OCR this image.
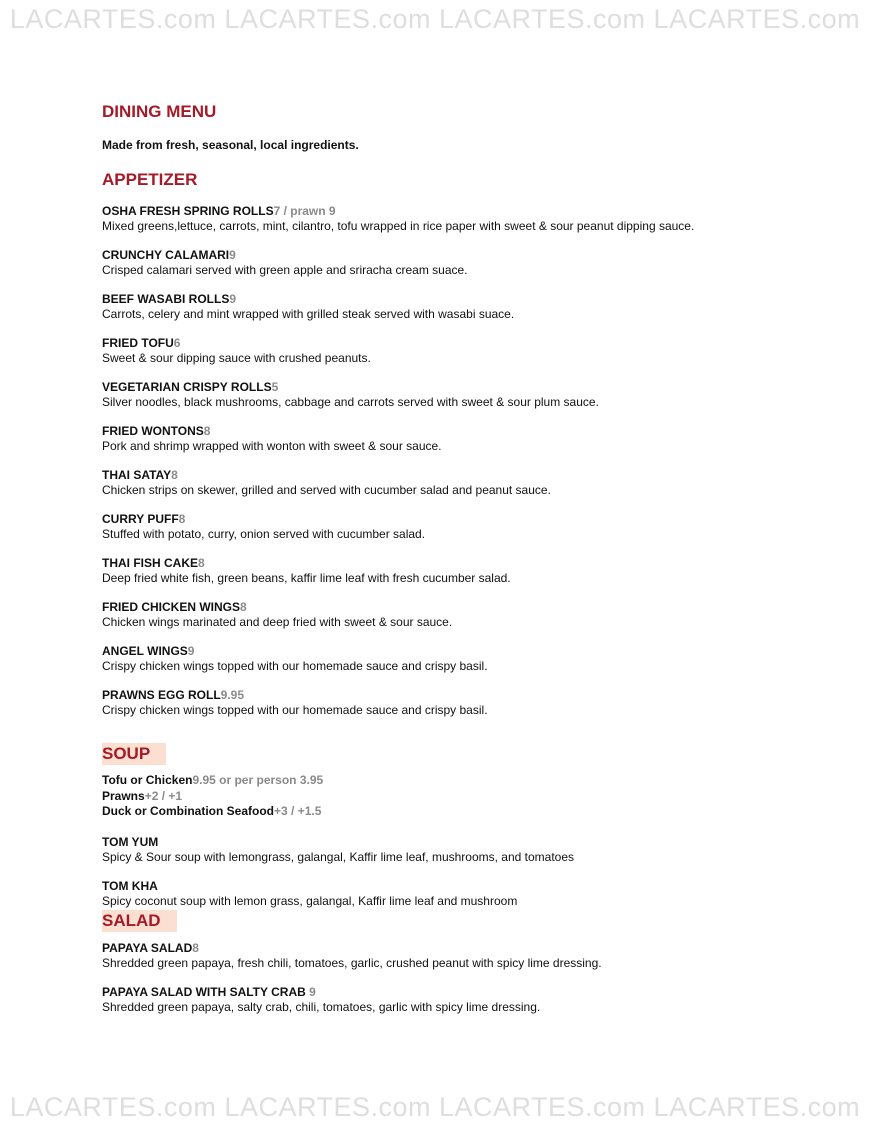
LACARTES.com LACARTES.com LACARTES.com LACARTES.com
DINING MENU
Made from fresh, seasonal, local ingredients.
APPETIZER
OSHA FRESH SPRING ROLLS7 / prawn 9
Mixed greens,lettuce, carrots, mint, cilantro, tofu wrapped in rice paper with sweet & sour peanut dipping sauce.
CRUNCHY CALAMARI9
Crisped calamari served with green apple and sriracha cream suace.
BEEF WASABI ROLLS9
Carrots, celery and mint wrapped with grilled steak served with wasabi suace.
FRIED TOFU6
Sweet & sour dipping sauce with crushed peanuts.
VEGETARIAN CRISPY ROLLS5
Silver noodles, black mushrooms, cabbage and carrots served with sweet & sour plum sauce.
FRIED WONTONS8
Pork and shrimp wrapped with wonton with sweet & sour sauce.
THAI SATAY8
Chicken strips on skewer, grilled and served with cucumber salad and peanut sauce.
CURRY PUFF8
Stuffed with potato, curry, onion served with cucumber salad.
THAI FISH CAKE8
Deep fried white fish, green beans, kaffir lime leaf with fresh cucumber salad.
FRIED CHICKEN WINGS8
Chicken wings marinated and deep fried with sweet & sour sauce.
ANGEL WINGS9
Crispy chicken wings topped with our homemade sauce and crispy basil.
PRAWNS EGG ROLL9.95
Crispy chicken wings topped with our homemade sauce and crispy basil.
SOUP
Tofu or Chicken9.95 or per person 3.95
Prawns+2 / +1
Duck or Combination Seafood+3 / +1.5
TOM YUM
Spicy & Sour soup with lemongrass, galangal, Kaffir lime leaf, mushrooms, and tomatoes
TOM KHA
Spicy coconut soup with lemon grass, galangal, Kaffir lime leaf and mushroom
SALAD
PAPAYA SALAD8
Shredded green papaya, fresh chili, tomatoes, garlic, crushed peanut with spicy lime dressing.
PAPAYA SALAD WITH SALTY CRAB 9
Shredded green papaya, salty crab, chili, tomatoes, garlic with spicy lime dressing.
LACARTES.com LACARTES.com LACARTES.com LACARTES.com
